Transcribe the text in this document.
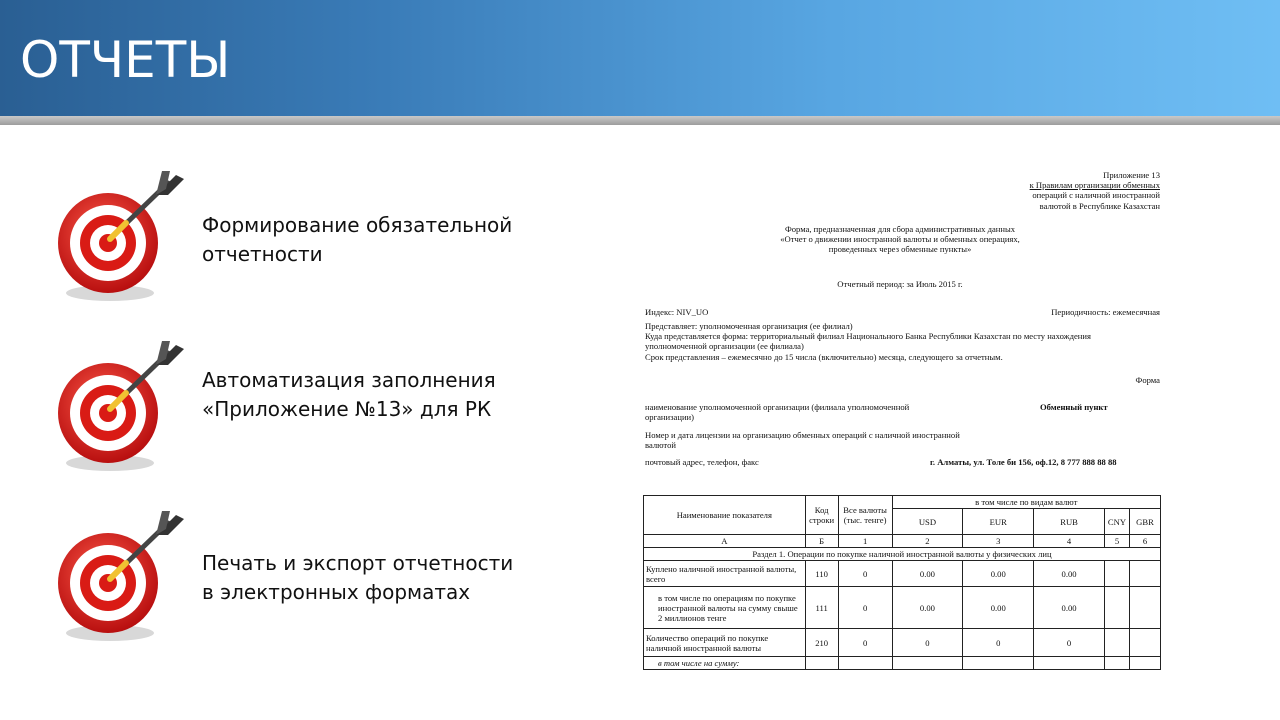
ОТЧЕТЫ
Формирование обязательной
отчетности
Автоматизация заполнения
«Приложение №13» для РК
Печать и экспорт отчетности
в электронных форматах
Приложение 13
к Правилам организации обменных
операций с наличной иностранной
валютой в Республике Казахстан
Форма, предназначенная для сбора административных данных
«Отчет о движении иностранной валюты и обменных операциях,
проведенных через обменные пункты»
Отчетный период: за Июль 2015 г.
Индекс: NIV_UO	Периодичность: ежемесячная
Представляет: уполномоченная организация (ее филиал)
Куда представляется форма: территориальный филиал Национального Банка Республики Казахстан по месту нахождения
уполномоченной организации (ее филиала)
Срок представления – ежемесячно до 15 числа (включительно) месяца, следующего за отчетным.
Форма
наименование уполномоченной организации (филиала уполномоченной
организации)
Обменный пункт
Номер и дата лицензии на организацию обменных операций с наличной иностранной
валютой
почтовый адрес, телефон, факс	г. Алматы, ул. Толе би 156, оф.12, 8 777 888 88 88
Наименование показателя	Код строки	Все валюты (тыс. тенге)	в том числе по видам валют				
			USD	EUR	RUB	CNY	GBR
А	Б	1	2	3	4	5	6
Раздел 1. Операции по покупке наличной иностранной валюты у физических лиц							
Куплено наличной иностранной валюты, всего	110	0	0.00	0.00	0.00		
в том числе по операциям по покупке иностранной валюты на сумму свыше 2 миллионов тенге	111	0	0.00	0.00	0.00		
Количество операций по покупке наличной иностранной валюты	210	0	0	0	0		
в том числе на сумму:							
